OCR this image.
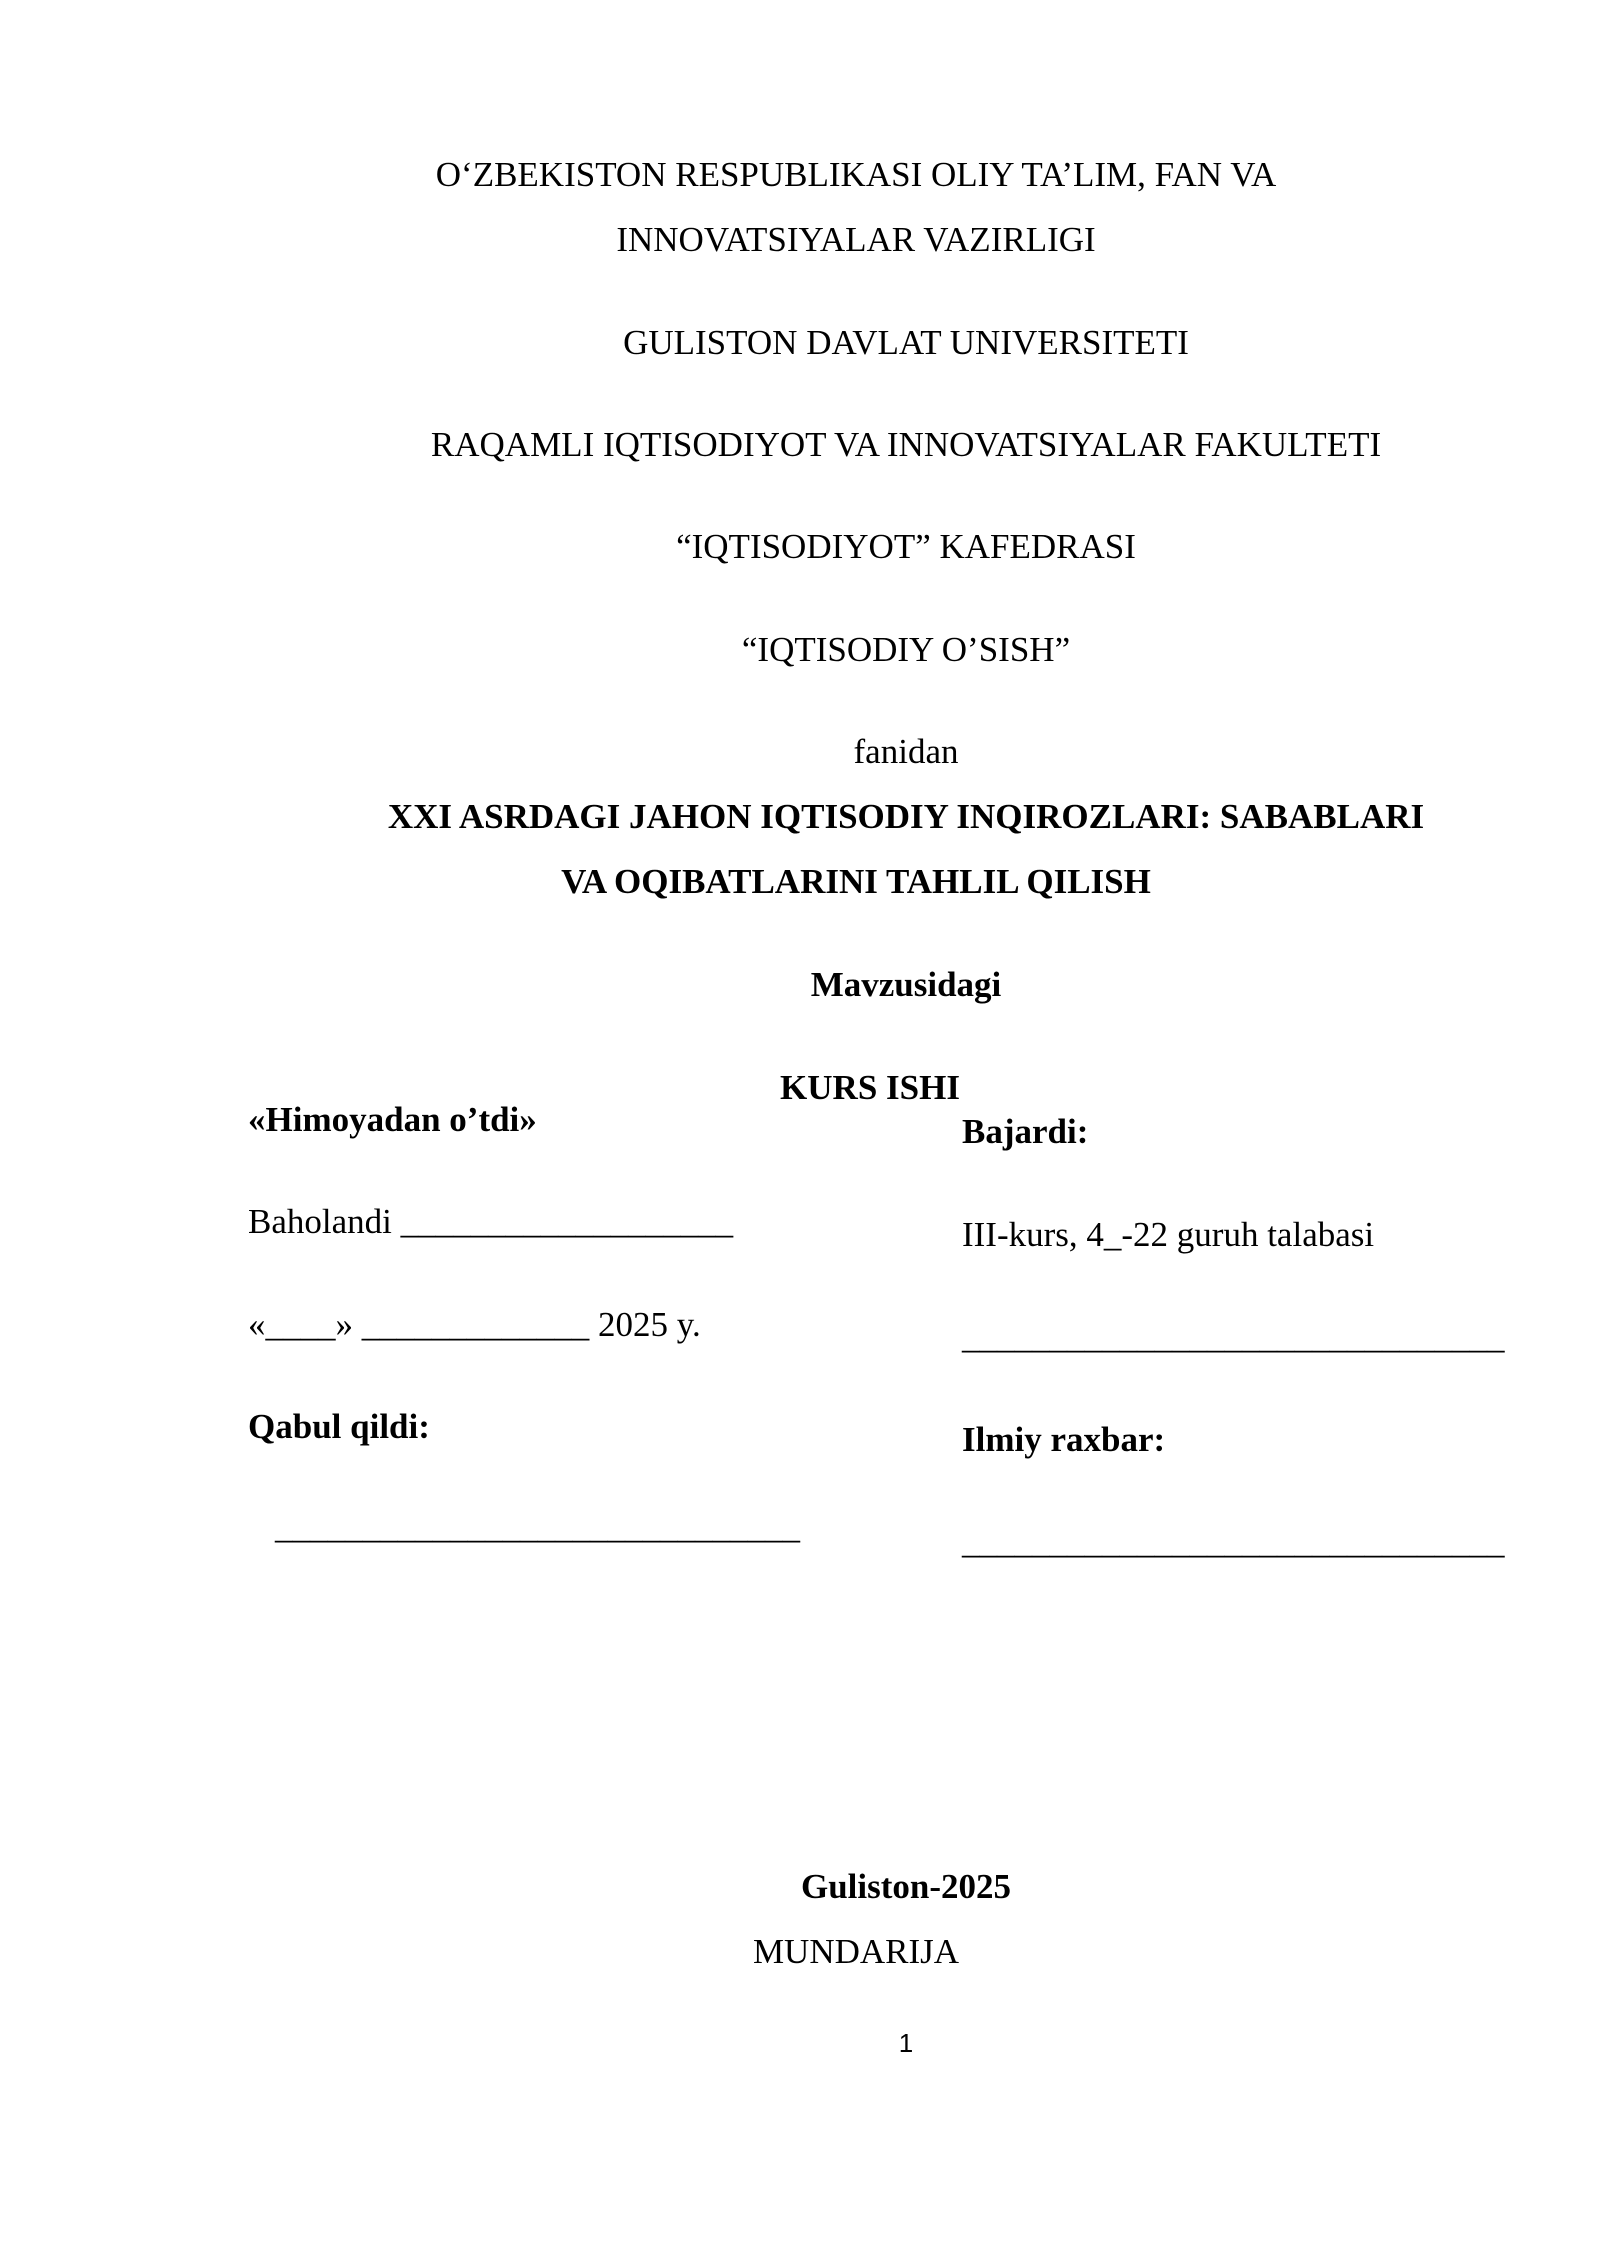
O‘ZBEKISTON RESPUBLIKASI OLIY TA’LIM, FAN VA
INNOVATSIYALAR VAZIRLIGI
GULISTON DAVLAT UNIVERSITETI
RAQAMLI IQTISODIYOT VA INNOVATSIYALAR FAKULTETI
“IQTISODIYOT” KAFEDRASI
“IQTISODIY O’SISH”
fanidan
XXI ASRDAGI JAHON IQTISODIY INQIROZLARI: SABABLARI
VA OQIBATLARINI TAHLIL QILISH
Mavzusidagi
KURS ISHI
«Himoyadan o’tdi»
Baholandi ___________________
«____» _____________ 2025 y.
Qabul qildi:
______________________________
Bajardi:
III-kurs, 4_-22 guruh talabasi
_______________________________
Ilmiy raxbar:
_______________________________
Guliston-2025
MUNDARIJA
1
